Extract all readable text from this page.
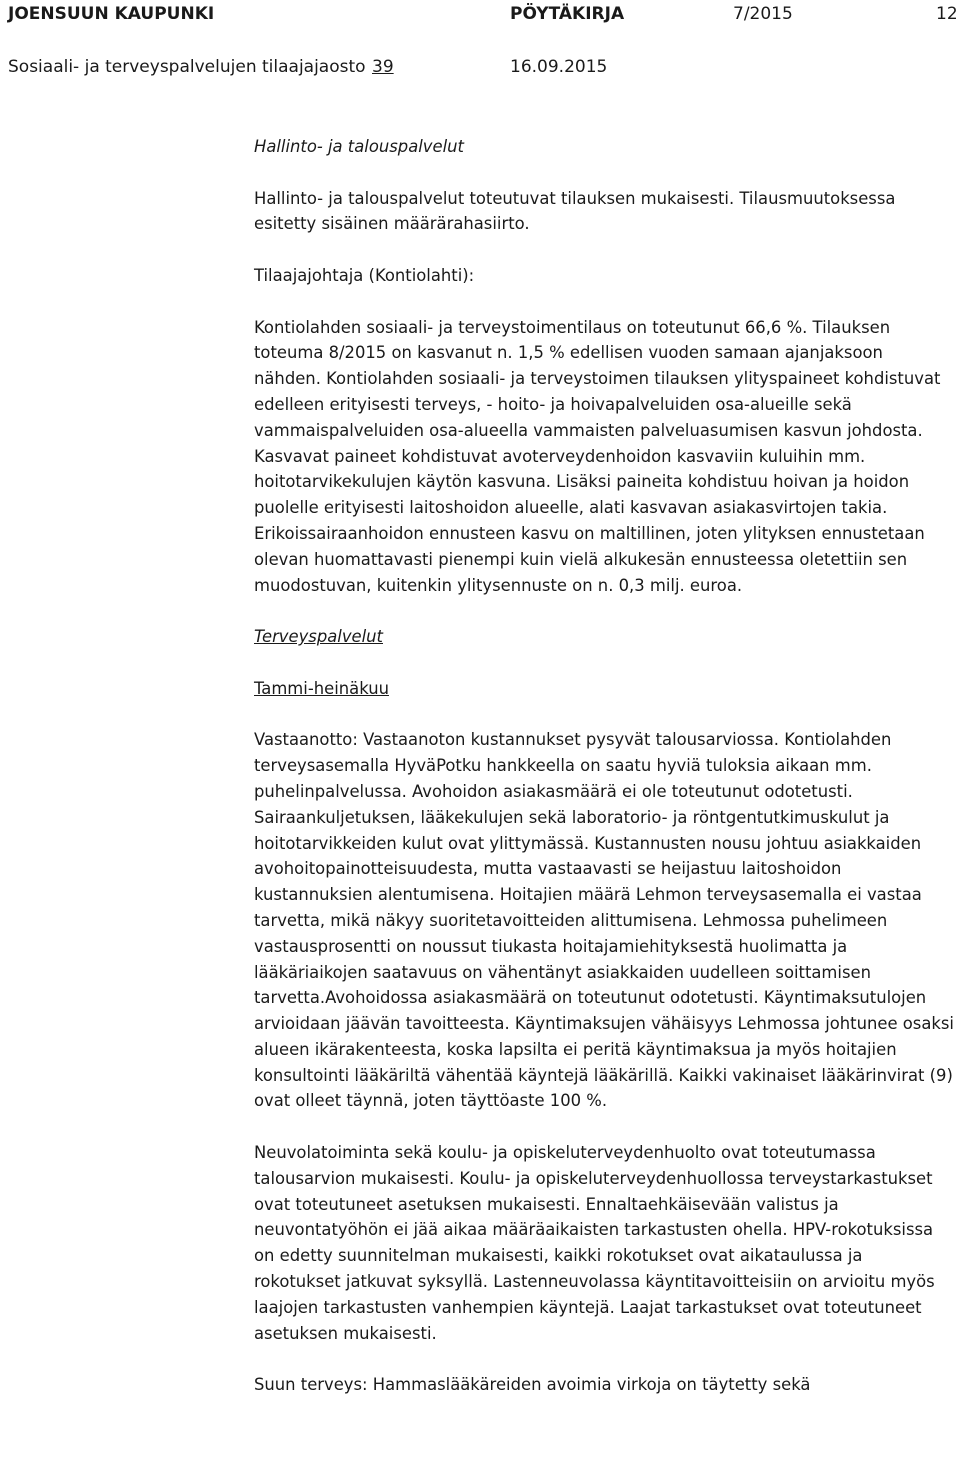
JOENSUUN KAUPUNKI	PÖYTÄKIRJA	7/2015	12
Sosiaali- ja terveyspalvelujen tilaajajaosto 39	16.09.2015

Hallinto- ja talouspalvelut

Hallinto- ja talouspalvelut toteutuvat tilauksen mukaisesti. Tilausmuutoksessa esitetty sisäinen määrärahasiirto.

Tilaajajohtaja (Kontiolahti):

Kontiolahden sosiaali- ja terveystoimentilaus on toteutunut 66,6 %. Tilauksen toteuma 8/2015 on kasvanut n. 1,5 % edellisen vuoden samaan ajanjaksoon nähden. Kontiolahden sosiaali- ja terveystoimen tilauksen ylityspaineet kohdistuvat edelleen erityisesti terveys, - hoito- ja hoivapalveluiden osa-alueille sekä vammaispalveluiden osa-alueella vammaisten palveluasumisen kasvun johdosta. Kasvavat paineet kohdistuvat avoterveydenhoidon kasvaviin kuluihin mm. hoitotarvikekulujen käytön kasvuna. Lisäksi paineita kohdistuu hoivan ja hoidon puolelle erityisesti laitoshoidon alueelle, alati kasvavan asiakasvirtojen takia. Erikoissairaanhoidon ennusteen kasvu on maltillinen, joten ylityksen ennustetaan olevan huomattavasti pienempi kuin vielä alkukesän ennusteessa oletettiin sen muodostuvan, kuitenkin ylitysennuste on n. 0,3 milj. euroa.

Terveyspalvelut

Tammi-heinäkuu

Vastaanotto: Vastaanoton kustannukset pysyvät talousarviossa. Kontiolahden terveysasemalla HyväPotku hankkeella on saatu hyviä tuloksia aikaan mm. puhelinpalvelussa. Avohoidon asiakasmäärä ei ole toteutunut odotetusti. Sairaankuljetuksen, lääkekulujen sekä laboratorio- ja röntgentutkimuskulut ja hoitotarvikkeiden kulut ovat ylittymässä. Kustannusten nousu johtuu asiakkaiden avohoitopainotteisuudesta, mutta vastaavasti se heijastuu laitoshoidon kustannuksien alentumisena. Hoitajien määrä Lehmon terveysasemalla ei vastaa tarvetta, mikä näkyy suoritetavoitteiden alittumisena. Lehmossa puhelimeen vastausprosentti on noussut tiukasta hoitajamiehityksestä huolimatta ja lääkäriaikojen saatavuus on vähentänyt asiakkaiden uudelleen soittamisen tarvetta.Avohoidossa asiakasmäärä on toteutunut odotetusti. Käyntimaksutulojen arvioidaan jäävän tavoitteesta. Käyntimaksujen vähäisyys Lehmossa johtunee osaksi alueen ikärakenteesta, koska lapsilta ei peritä käyntimaksua ja myös hoitajien konsultointi lääkäriltä vähentää käyntejä lääkärillä. Kaikki vakinaiset lääkärinvirat (9) ovat olleet täynnä, joten täyttöaste 100 %.

Neuvolatoiminta sekä koulu- ja opiskeluterveydenhuolto ovat toteutumassa talousarvion mukaisesti. Koulu- ja opiskeluterveydenhuollossa terveystarkastukset ovat toteutuneet asetuksen mukaisesti. Ennaltaehkäisevään valistus ja neuvontatyöhön ei jää aikaa määräaikaisten tarkastusten ohella. HPV-rokotuksissa on edetty suunnitelman mukaisesti, kaikki rokotukset ovat aikataulussa ja rokotukset jatkuvat syksyllä. Lastenneuvolassa käyntitavoitteisiin on arvioitu myös laajojen tarkastusten vanhempien käyntejä. Laajat tarkastukset ovat toteutuneet asetuksen mukaisesti.

Suun terveys: Hammaslääkäreiden avoimia virkoja on täytetty sekä
